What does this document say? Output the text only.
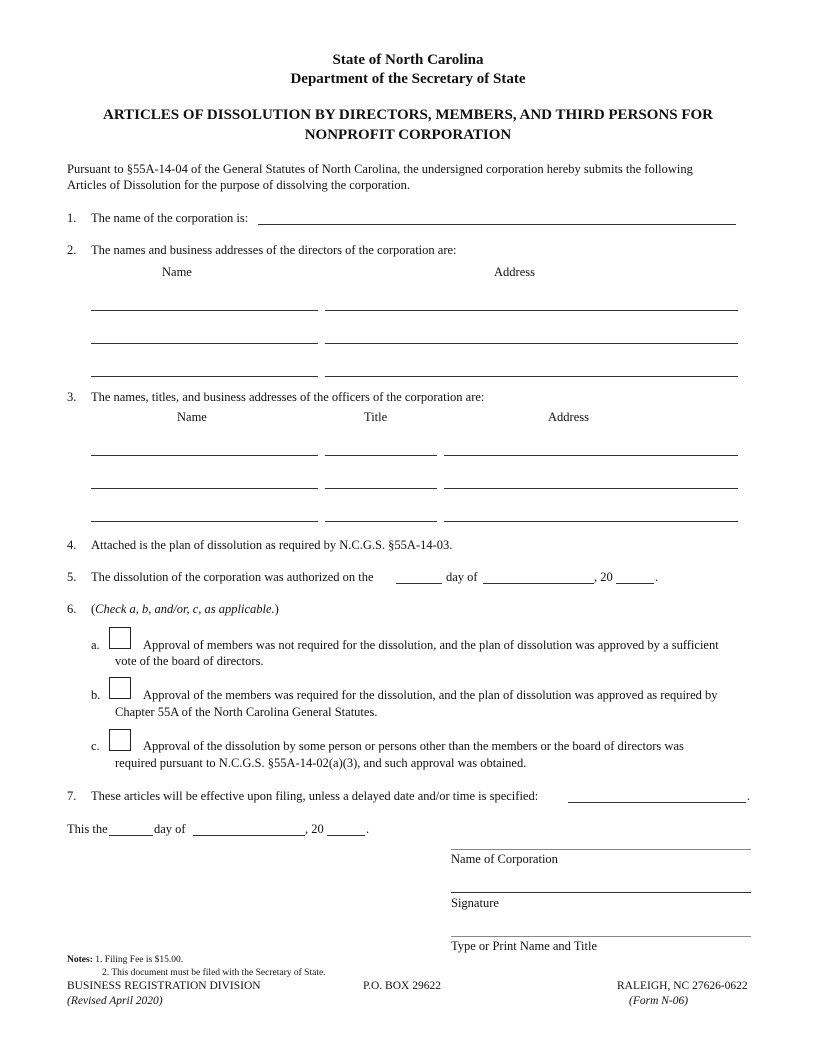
State of North Carolina
Department of the Secretary of State
ARTICLES OF DISSOLUTION BY DIRECTORS, MEMBERS, AND THIRD PERSONS FOR
NONPROFIT CORPORATION
Pursuant to §55A-14-04 of the General Statutes of North Carolina, the undersigned corporation hereby submits the following
Articles of Dissolution for the purpose of dissolving the corporation.
1. The name of the corporation is:
2. The names and business addresses of the directors of the corporation are:
Name	Address
3. The names, titles, and business addresses of the officers of the corporation are:
Name	Title	Address
4. Attached is the plan of dissolution as required by N.C.G.S. §55A-14-03.
5. The dissolution of the corporation was authorized on the	day of	, 20	.
6. (Check a, b, and/or, c, as applicable.)
a.	Approval of members was not required for the dissolution, and the plan of dissolution was approved by a sufficient
vote of the board of directors.
b.	Approval of the members was required for the dissolution, and the plan of dissolution was approved as required by
Chapter 55A of the North Carolina General Statutes.
c.	Approval of the dissolution by some person or persons other than the members or the board of directors was
required pursuant to N.C.G.S. §55A-14-02(a)(3), and such approval was obtained.
7. These articles will be effective upon filing, unless a delayed date and/or time is specified:	.
This the	day of	, 20	.
Name of Corporation
Signature
Type or Print Name and Title
Notes: 1. Filing Fee is $15.00.
2. This document must be filed with the Secretary of State.
BUSINESS REGISTRATION DIVISION	P.O. BOX 29622	RALEIGH, NC 27626-0622
(Revised April 2020)	(Form N-06)
